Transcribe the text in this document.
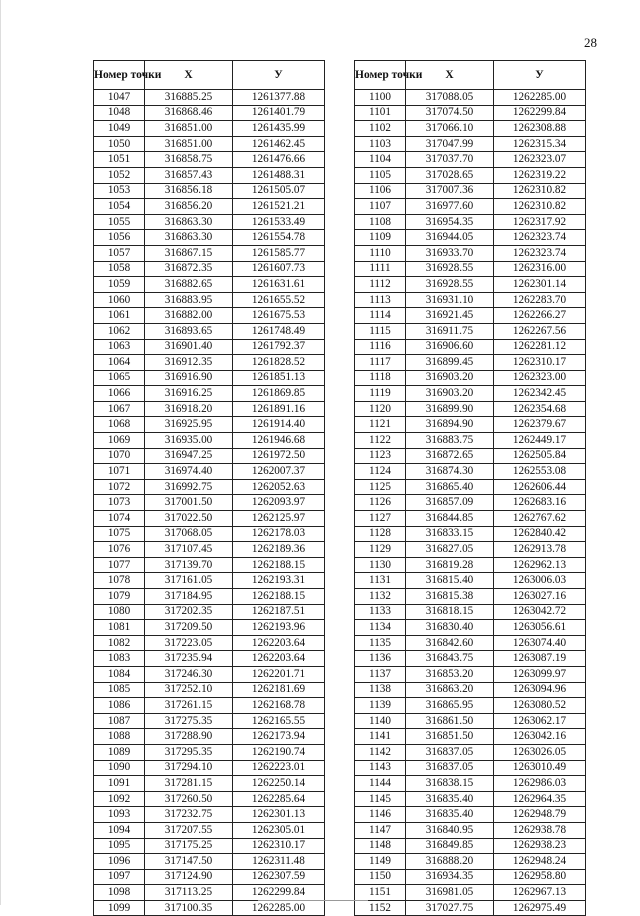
28
Номер точки	X	У
1047	316885.25	1261377.88
1048	316868.46	1261401.79
1049	316851.00	1261435.99
1050	316851.00	1261462.45
1051	316858.75	1261476.66
1052	316857.43	1261488.31
1053	316856.18	1261505.07
1054	316856.20	1261521.21
1055	316863.30	1261533.49
1056	316863.30	1261554.78
1057	316867.15	1261585.77
1058	316872.35	1261607.73
1059	316882.65	1261631.61
1060	316883.95	1261655.52
1061	316882.00	1261675.53
1062	316893.65	1261748.49
1063	316901.40	1261792.37
1064	316912.35	1261828.52
1065	316916.90	1261851.13
1066	316916.25	1261869.85
1067	316918.20	1261891.16
1068	316925.95	1261914.40
1069	316935.00	1261946.68
1070	316947.25	1261972.50
1071	316974.40	1262007.37
1072	316992.75	1262052.63
1073	317001.50	1262093.97
1074	317022.50	1262125.97
1075	317068.05	1262178.03
1076	317107.45	1262189.36
1077	317139.70	1262188.15
1078	317161.05	1262193.31
1079	317184.95	1262188.15
1080	317202.35	1262187.51
1081	317209.50	1262193.96
1082	317223.05	1262203.64
1083	317235.94	1262203.64
1084	317246.30	1262201.71
1085	317252.10	1262181.69
1086	317261.15	1262168.78
1087	317275.35	1262165.55
1088	317288.90	1262173.94
1089	317295.35	1262190.74
1090	317294.10	1262223.01
1091	317281.15	1262250.14
1092	317260.50	1262285.64
1093	317232.75	1262301.13
1094	317207.55	1262305.01
1095	317175.25	1262310.17
1096	317147.50	1262311.48
1097	317124.90	1262307.59
1098	317113.25	1262299.84
1099	317100.35	1262285.00
Номер точки	X	У
1100	317088.05	1262285.00
1101	317074.50	1262299.84
1102	317066.10	1262308.88
1103	317047.99	1262315.34
1104	317037.70	1262323.07
1105	317028.65	1262319.22
1106	317007.36	1262310.82
1107	316977.60	1262310.82
1108	316954.35	1262317.92
1109	316944.05	1262323.74
1110	316933.70	1262323.74
1111	316928.55	1262316.00
1112	316928.55	1262301.14
1113	316931.10	1262283.70
1114	316921.45	1262266.27
1115	316911.75	1262267.56
1116	316906.60	1262281.12
1117	316899.45	1262310.17
1118	316903.20	1262323.00
1119	316903.20	1262342.45
1120	316899.90	1262354.68
1121	316894.90	1262379.67
1122	316883.75	1262449.17
1123	316872.65	1262505.84
1124	316874.30	1262553.08
1125	316865.40	1262606.44
1126	316857.09	1262683.16
1127	316844.85	1262767.62
1128	316833.15	1262840.42
1129	316827.05	1262913.78
1130	316819.28	1262962.13
1131	316815.40	1263006.03
1132	316815.38	1263027.16
1133	316818.15	1263042.72
1134	316830.40	1263056.61
1135	316842.60	1263074.40
1136	316843.75	1263087.19
1137	316853.20	1263099.97
1138	316863.20	1263094.96
1139	316865.95	1263080.52
1140	316861.50	1263062.17
1141	316851.50	1263042.16
1142	316837.05	1263026.05
1143	316837.05	1263010.49
1144	316838.15	1262986.03
1145	316835.40	1262964.35
1146	316835.40	1262948.79
1147	316840.95	1262938.78
1148	316849.85	1262938.23
1149	316888.20	1262948.24
1150	316934.35	1262958.80
1151	316981.05	1262967.13
1152	317027.75	1262975.49
